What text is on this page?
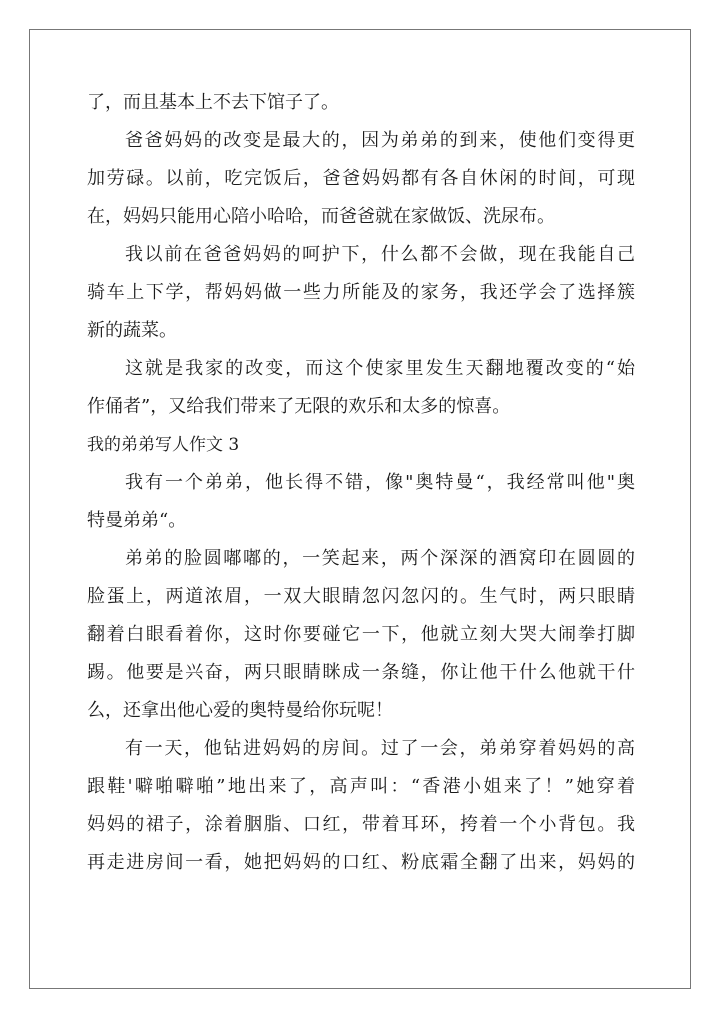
了，而且基本上不去下馆子了。
爸爸妈妈的改变是最大的，因为弟弟的到来，使他们变得更
加劳碌。以前，吃完饭后，爸爸妈妈都有各自休闲的时间，可现
在，妈妈只能用心陪小哈哈，而爸爸就在家做饭、洗尿布。
我以前在爸爸妈妈的呵护下，什么都不会做，现在我能自己
骑车上下学，帮妈妈做一些力所能及的家务，我还学会了选择簇
新的蔬菜。
这就是我家的改变，而这个使家里发生天翻地覆改变的“始
作俑者”，又给我们带来了无限的欢乐和太多的惊喜。
我的弟弟写人作文 3
我有一个弟弟，他长得不错，像"奥特曼“，我经常叫他"奥
特曼弟弟“。
弟弟的脸圆嘟嘟的，一笑起来，两个深深的酒窝印在圆圆的
脸蛋上，两道浓眉，一双大眼睛忽闪忽闪的。生气时，两只眼睛
翻着白眼看着你，这时你要碰它一下，他就立刻大哭大闹拳打脚
踢。他要是兴奋，两只眼睛眯成一条缝，你让他干什么他就干什
么，还拿出他心爱的奥特曼给你玩呢！
有一天，他钻进妈妈的房间。过了一会，弟弟穿着妈妈的高
跟鞋'噼啪噼啪”地出来了，高声叫：“香港小姐来了！”她穿着
妈妈的裙子，涂着胭脂、口红，带着耳环，挎着一个小背包。我
再走进房间一看，她把妈妈的口红、粉底霜全翻了出来，妈妈的
